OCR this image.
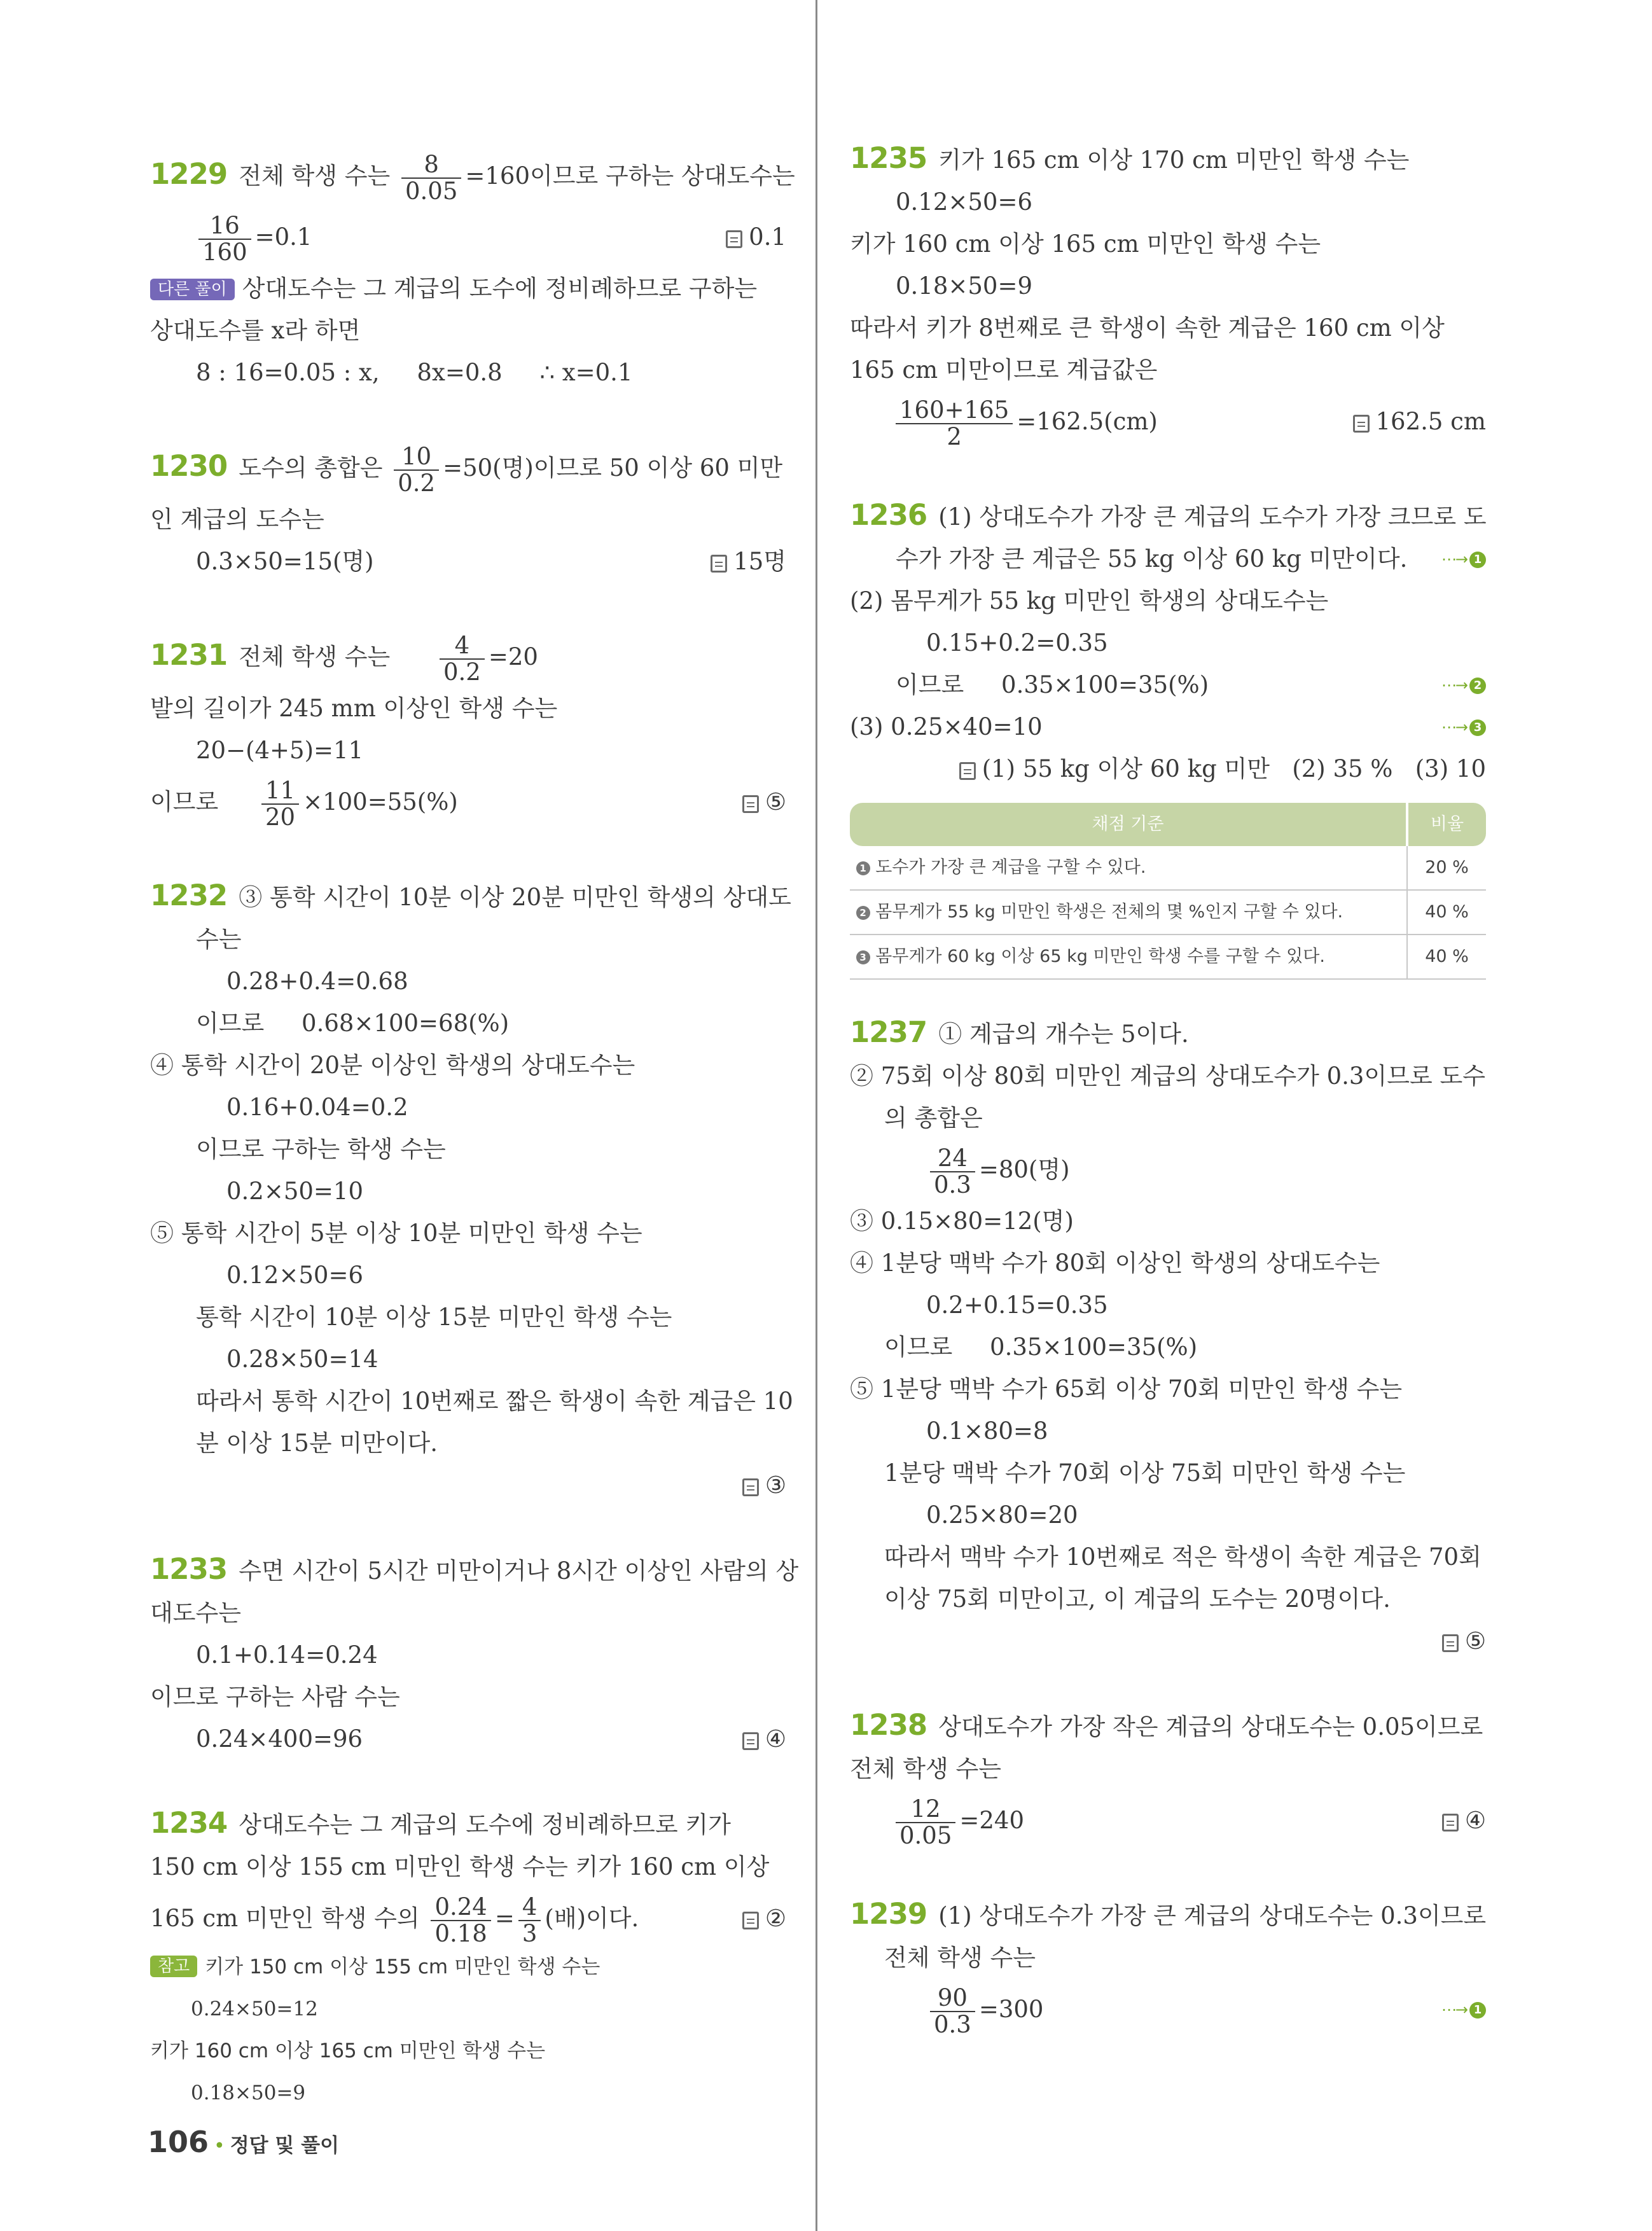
1229 전체 학생 수는 $\frac{8}{0.05} =160$이므로 구하는 상대도수는
$\frac{16}{160} =0.1$	0.1
다른 풀이 상대도수는 그 계급의 도수에 정비례하므로 구하는
상대도수를 x라 하면
8 : 16=0.05 : x,     8x=0.8     ∴ x=0.1
1230 도수의 총합은 $\frac{10}{0.2} =50$(명)이므로 50 이상 60 미만
인 계급의 도수는
0.3×50=15(명)	15명
1231 전체 학생 수는 $\frac{4}{0.2} =20$
발의 길이가 245 mm 이상인 학생 수는
20−(4+5)=11
이므로 $\frac{11}{20} \times 100=55(\%)$	⑤
1232 ③ 통학 시간이 10분 이상 20분 미만인 학생의 상대도
수는
0.28+0.4=0.68
이므로     0.68×100=68(%)
④ 통학 시간이 20분 이상인 학생의 상대도수는
0.16+0.04=0.2
이므로 구하는 학생 수는
0.2×50=10
⑤ 통학 시간이 5분 이상 10분 미만인 학생 수는
0.12×50=6
통학 시간이 10분 이상 15분 미만인 학생 수는
0.28×50=14
따라서 통학 시간이 10번째로 짧은 학생이 속한 계급은 10
분 이상 15분 미만이다.
③
1233 수면 시간이 5시간 미만이거나 8시간 이상인 사람의 상
대도수는
0.1+0.14=0.24
이므로 구하는 사람 수는
0.24×400=96	④
1234 상대도수는 그 계급의 도수에 정비례하므로 키가
150 cm 이상 155 cm 미만인 학생 수는 키가 160 cm 이상
165 cm 미만인 학생 수의 $\frac{0.24}{0.18} = \frac{4}{3}$ (배)이다.	②
참고 키가 150 cm 이상 155 cm 미만인 학생 수는
0.24×50=12
키가 160 cm 이상 165 cm 미만인 학생 수는
0.18×50=9
1235 키가 165 cm 이상 170 cm 미만인 학생 수는
0.12×50=6
키가 160 cm 이상 165 cm 미만인 학생 수는
0.18×50=9
따라서 키가 8번째로 큰 학생이 속한 계급은 160 cm 이상
165 cm 미만이므로 계급값은
$\frac{160+165}{2} =162.5(cm)$	162.5 cm
1236 (1) 상대도수가 가장 큰 계급의 도수가 가장 크므로 도
수가 가장 큰 계급은 55 kg 이상 60 kg 미만이다. ⋯→ 1
(2) 몸무게가 55 kg 미만인 학생의 상대도수는
0.15+0.2=0.35
이므로     0.35×100=35(%)	⋯→ 2
(3) 0.25×40=10	⋯→ 3
(1) 55 kg 이상 60 kg 미만   (2) 35 %   (3) 10
채점 기준	비율
1 도수가 가장 큰 계급을 구할 수 있다.	20 %
2 몸무게가 55 kg 미만인 학생은 전체의 몇 %인지 구할 수 있다.	40 %
3 몸무게가 60 kg 이상 65 kg 미만인 학생 수를 구할 수 있다.	40 %
1237 ① 계급의 개수는 5이다.
② 75회 이상 80회 미만인 계급의 상대도수가 0.3이므로 도수
의 총합은
$\frac{24}{0.3} =80$(명)
③ 0.15×80=12(명)
④ 1분당 맥박 수가 80회 이상인 학생의 상대도수는
0.2+0.15=0.35
이므로     0.35×100=35(%)
⑤ 1분당 맥박 수가 65회 이상 70회 미만인 학생 수는
0.1×80=8
1분당 맥박 수가 70회 이상 75회 미만인 학생 수는
0.25×80=20
따라서 맥박 수가 10번째로 적은 학생이 속한 계급은 70회
이상 75회 미만이고, 이 계급의 도수는 20명이다.
⑤
1238 상대도수가 가장 작은 계급의 상대도수는 0.05이므로
전체 학생 수는
$\frac{12}{0.05} =240$	④
1239 (1) 상대도수가 가장 큰 계급의 상대도수는 0.3이므로
전체 학생 수는
$\frac{90}{0.3} =300$	⋯→ 1
106 • 정답 및 풀이
